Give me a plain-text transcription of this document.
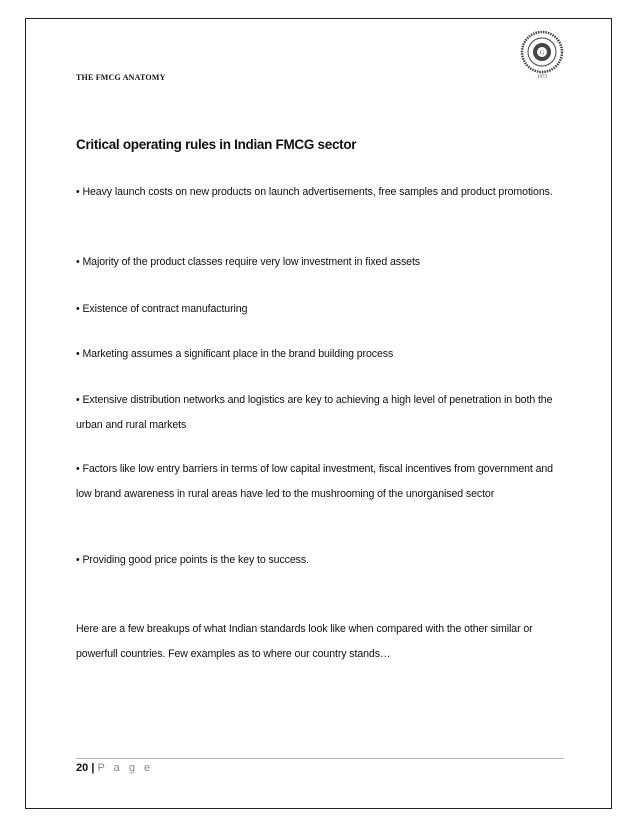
THE FMCG ANATOMY
G
1973
Critical operating rules in Indian FMCG sector
• Heavy launch costs on new products on launch advertisements, free samples and product promotions.
• Majority of the product classes require very low investment in fixed assets
• Existence of contract manufacturing
• Marketing assumes a significant place in the brand building process
• Extensive distribution networks and logistics are key to achieving a high level of penetration in both the urban and rural markets
• Factors like low entry barriers in terms of low capital investment, fiscal incentives from government and low brand awareness in rural areas have led to the mushrooming of the unorganised sector
• Providing good price points is the key to success.
Here are a few breakups of what Indian standards look like when compared with the other similar or powerfull countries. Few examples as to where our country stands…
20 | P a g e
